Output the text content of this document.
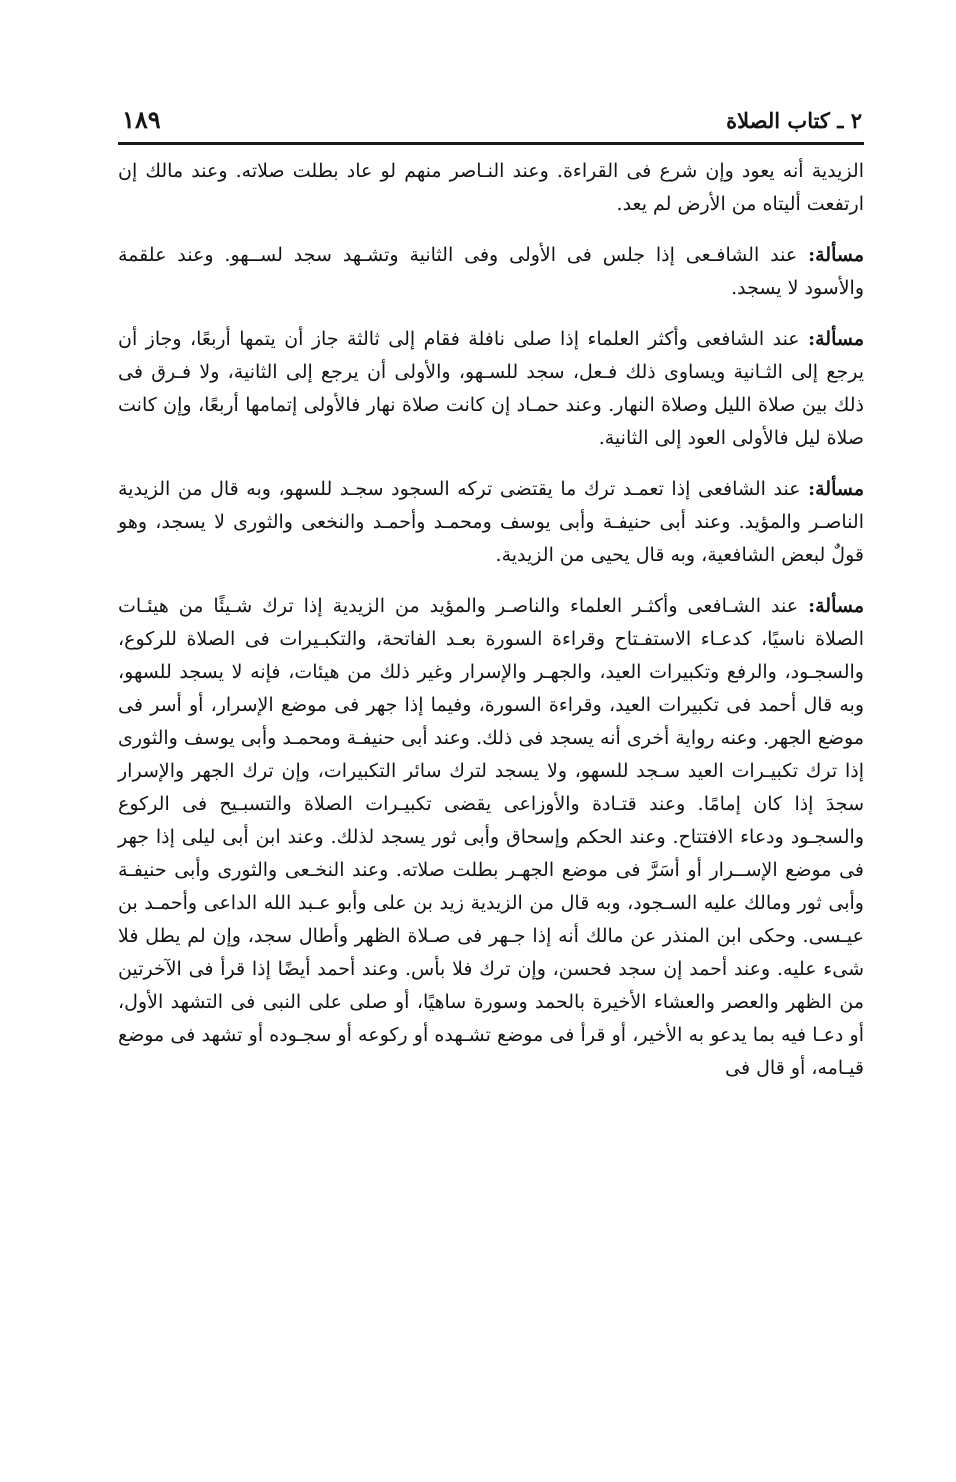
٢ ـ كتاب الصلاة
١٨٩

الزيدية أنه يعود وإن شرع فى القراءة. وعند النـاصر منهم لو عاد بطلت صلاته. وعند مالك إن ارتفعت أليتاه من الأرض لم يعد.

مسألة: عند الشافـعى إذا جلس فى الأولى وفى الثانية وتشـهد سجد لســهو. وعند علقمة والأسود لا يسجد.

مسألة: عند الشافعى وأكثر العلماء إذا صلى نافلة فقام إلى ثالثة جاز أن يتمها أربعًا، وجاز أن يرجع إلى الثـانية ويساوى ذلك فـعل، سجد للسـهو، والأولى أن يرجع إلى الثانية، ولا فـرق فى ذلك بين صلاة الليل وصلاة النهار. وعند حمـاد إن كانت صلاة نهار فالأولى إتمامها أربعًا، وإن كانت صلاة ليل فالأولى العود إلى الثانية.

مسألة: عند الشافعى إذا تعمـد ترك ما يقتضى تركه السجود سجـد للسهو، وبه قال من الزيدية الناصـر والمؤيد. وعند أبى حنيفـة وأبى يوسف ومحمـد وأحمـد والنخعى والثورى لا يسجد، وهو قولٌ لبعض الشافعية، وبه قال يحيى من الزيدية.

مسألة: عند الشـافعى وأكثـر العلماء والناصـر والمؤيد من الزيدية إذا ترك شـيئًا من هيئـات الصلاة ناسيًا، كدعـاء الاستفـتاح وقراءة السورة بعـد الفاتحة، والتكبـيرات فى الصلاة للركوع، والسجـود، والرفع وتكبيرات العيد، والجهـر والإسرار وغير ذلك من هيئات، فإنه لا يسجد للسهو، وبه قال أحمد فى تكبيرات العيد، وقراءة السورة، وفيما إذا جهر فى موضع الإسرار، أو أسر فى موضع الجهر. وعنه رواية أخرى أنه يسجد فى ذلك. وعند أبى حنيفـة ومحمـد وأبى يوسف والثورى إذا ترك تكبيـرات العيد سـجد للسهو، ولا يسجد لترك سائر التكبيرات، وإن ترك الجهر والإسرار سجدَ إذا كان إمامًا. وعند قتـادة والأوزاعى يقضى تكبيـرات الصلاة والتسبـيح فى الركوع والسجـود ودعاء الافتتاح. وعند الحكم وإسحاق وأبى ثور يسجد لذلك. وعند ابن أبى ليلى إذا جهر فى موضع الإســرار أو أسَرَّ فى موضع الجهـر بطلت صلاته. وعند النخـعى والثورى وأبى حنيفـة وأبى ثور ومالك عليه السـجود، وبه قال من الزيدية زيد بن على وأبو عـبد الله الداعى وأحمـد بن عيـسى. وحكى ابن المنذر عن مالك أنه إذا جـهر فى صـلاة الظهر وأطال سجد، وإن لم يطل فلا شىء عليه. وعند أحمد إن سجد فحسن، وإن ترك فلا بأس. وعند أحمد أيضًا إذا قرأ فى الآخرتين من الظهر والعصر والعشاء الأخيرة بالحمد وسورة ساهيًا، أو صلى على النبى فى التشهد الأول، أو دعـا فيه بما يدعو به الأخير، أو قرأ فى موضع تشـهده أو ركوعه أو سجـوده أو تشهد فى موضع قيـامه، أو قال فى
